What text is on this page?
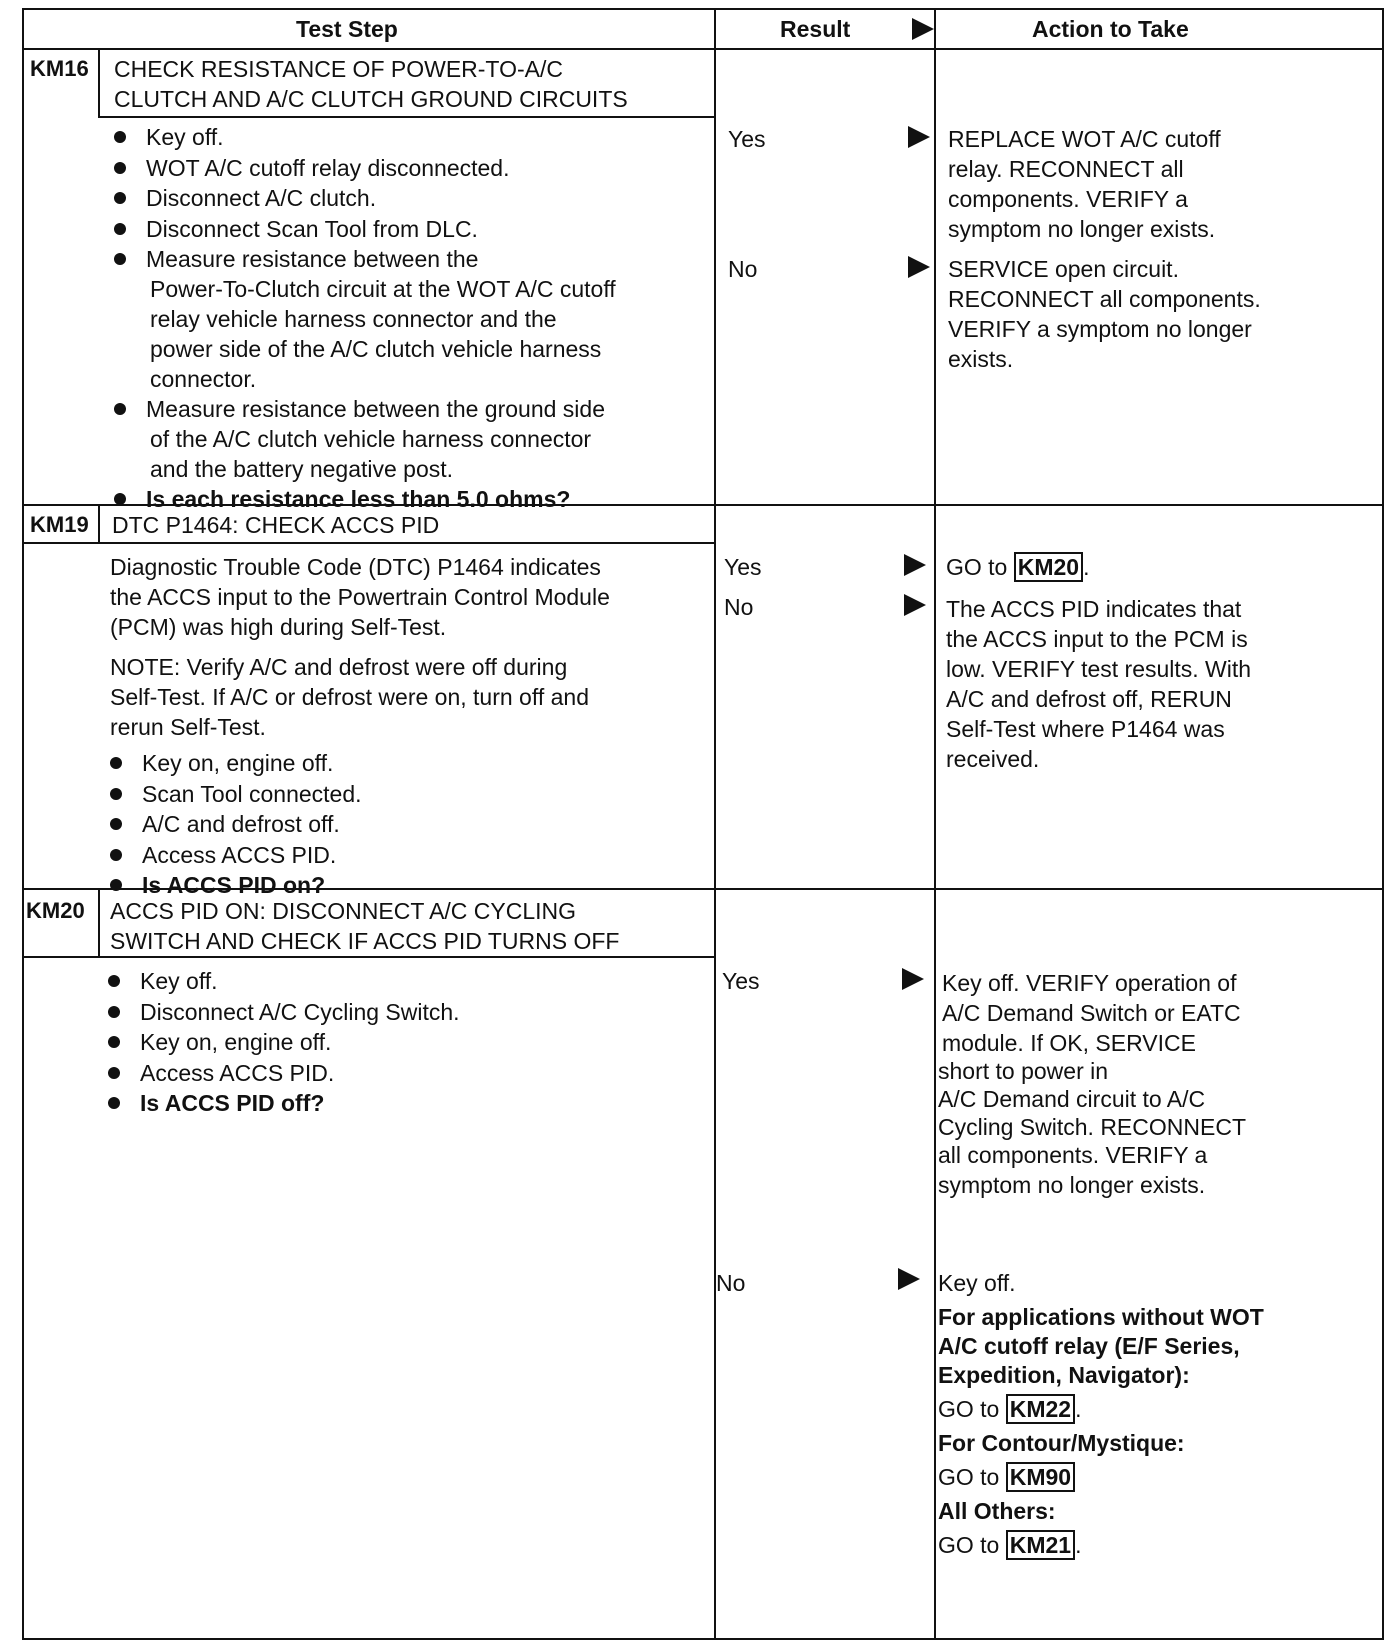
Test Step	Result	Action to Take
KM16 CHECK RESISTANCE OF POWER-TO-A/C
CLUTCH AND A/C CLUTCH GROUND CIRCUITS
Key off.
WOT A/C cutoff relay disconnected.
Disconnect A/C clutch.
Disconnect Scan Tool from DLC.
Measure resistance between the
Power-To-Clutch circuit at the WOT A/C cutoff
relay vehicle harness connector and the
power side of the A/C clutch vehicle harness
connector.
Measure resistance between the ground side
of the A/C clutch vehicle harness connector
and the battery negative post.
Is each resistance less than 5.0 ohms?
Yes	REPLACE WOT A/C cutoff
relay. RECONNECT all
components. VERIFY a
symptom no longer exists.
No	SERVICE open circuit.
RECONNECT all components.
VERIFY a symptom no longer
exists.
KM19 DTC P1464: CHECK ACCS PID
Diagnostic Trouble Code (DTC) P1464 indicates
the ACCS input to the Powertrain Control Module
(PCM) was high during Self-Test.
NOTE: Verify A/C and defrost were off during
Self-Test. If A/C or defrost were on, turn off and
rerun Self-Test.
Key on, engine off.
Scan Tool connected.
A/C and defrost off.
Access ACCS PID.
Is ACCS PID on?
Yes	GO to KM20 .
No	The ACCS PID indicates that
the ACCS input to the PCM is
low. VERIFY test results. With
A/C and defrost off, RERUN
Self-Test where P1464 was
received.
KM20 ACCS PID ON: DISCONNECT A/C CYCLING
SWITCH AND CHECK IF ACCS PID TURNS OFF
Key off.
Disconnect A/C Cycling Switch.
Key on, engine off.
Access ACCS PID.
Is ACCS PID off?
Yes	Key off. VERIFY operation of
A/C Demand Switch or EATC
module. If OK, SERVICE
short to power in
A/C Demand circuit to A/C
Cycling Switch. RECONNECT
all components. VERIFY a
symptom no longer exists.
No	Key off.
For applications without WOT
A/C cutoff relay (E/F Series,
Expedition, Navigator):
GO to KM22 .
For Contour/Mystique:
GO to KM90
All Others:
GO to KM21 .
